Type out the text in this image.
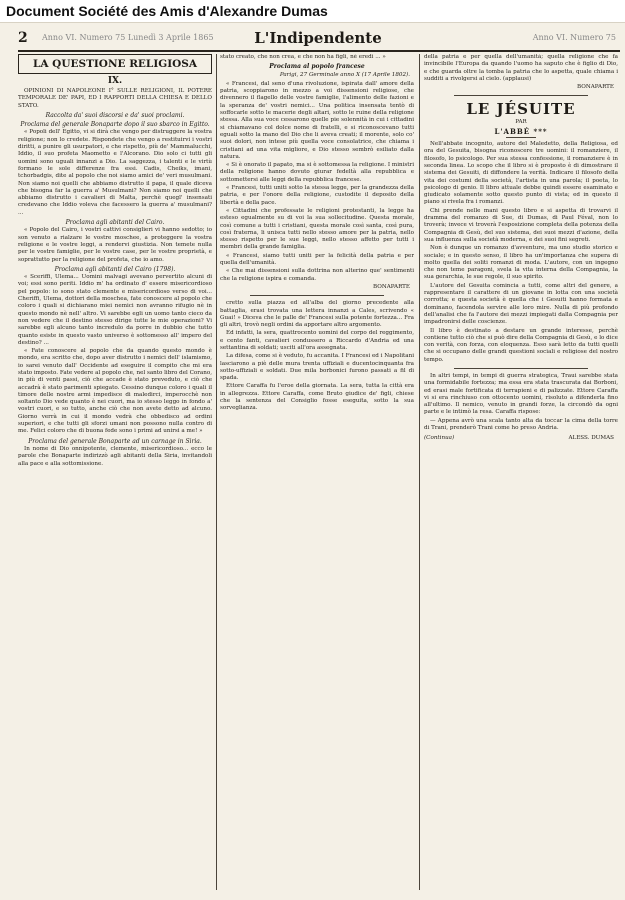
Document Société des Amis d'Alexandre Dumas
2 Anno VI. Numero 75 Lunedì 3 Aprile 1865	L'Indipendente	Anno VI. Numero 75
LA QUESTIONE RELIGIOSA
IX.

OPINIONI DI NAPOLEONE I° SULLE RELIGIONI, IL POTERE TEMPORALE DE' PAPI, ED I RAPPORTI DELLA CHIESA E DELLO STATO.

Raccolta da' suoi discorsi e da' suoi proclami.
Proclama del generale Bonaparte dopo il suo sbarco in Egitto.

« Popoli dell' Egitto, vi si dirà che vengo per distruggere la vostra religione; non lo credete. Rispondete che vengo a restituirvi i vostri diritti, a punire gli usurpatori, e che rispetto, più de' Mammalucchi, Iddio, il suo profeta Maometto e l'Alcorano. Dio solo ci tutti gli uomini sono uguali innanzi a Dio. La saggezza, i talenti e le virtù formano le sole differenze fra essi. Cadis, Cheiks, imani, tchorbadgis, dite al popolo che noi siamo amici de' veri musulmani. Non siamo noi quelli che abbiamo distrutto il papa, il quale diceva che bisogna far la guerra a' Musulmani? Non siamo noi quelli che abbiamo distrutto i cavalieri di Malta, perchè quegl' insensati credevano che Iddio voleva che facessero la guerra a' musulmani? ...

Proclama agli abitanti del Cairo.

« Popolo del Cairo, i vostri cattivi consiglieri vi hanno sedotto; io son venuto a rialzare le vostre moschee, a proteggere la vostra religione e le vostre leggi, a rendervi giustizia. Non temete nulla per le vostre famiglie, per le vostre case, per le vostre proprietà, e soprattutto per la religione del profeta, che io amo.

Proclama agli abitanti del Cairo (1798).

« Sceriffi, Ulema... Uomini malvagi avevano pervertito alcuni di voi; essi sono periti. Iddio m' ha ordinato d' essere misericordioso pel popolo: io sono stato clemente e misericordioso verso di voi... Cheriffi, Ulema, dottori della moschea, fate conoscere al popolo che coloro i quali si dichiarano miei nemici non avranno rifugio nè in questo mondo nè nell' altro. Vi sarebbe egli un uomo tanto cieco da non vedere che il destino stesso dirige tutte le mie operazioni? Vi sarebbe egli alcuno tanto incredulo da porre in dubbio che tutto quanto esiste in questo vasto universo è sottomesso all' impero del destino? ...

« Fate conoscere al popolo che da quando questo mondo è mondo, era scritto che, dopo aver distrutto i nemici dell' islamismo, io sarei venuto dall' Occidente ad eseguire il compito che mi era stato imposto. Fate vedere al popolo che, nel santo libro del Corano, in più di venti passi, ciò che accade è stato preveduto, e ciò che accadrà è stato parimenti spiegato. Cessino dunque coloro i quali il timore delle nostre armi impedisce di maledirci, imperocchè non soltanto Dio vede quanto è nei cuori, ma io stesso leggo in fondo a' vostri cuori, e so tutto, anche ciò che non avete detto ad alcuno. Giorno verrà in cui il mondo vedrà che obbedisco ad ordini superiori, e che tutti gli sforzi umani non possono nulla contro di me. Felici coloro che di buona fede sono i primi ad unirsi a me! »

Proclama del generale Bonaparte ad un carnage in Siria.

In nome di Dio onnipotente, clemente, misericordioso... ecco le parole che Bonaparte indirizzò agli abitanti della Siria, invitandoli alla pace e alla sottomissione.

stato creato, che non crea, e che non ha figli, nè eredi ... »

Proclama al popolo francese
Parigi, 27 Germinale anno X (17 Aprile 1802).

« Francesi, dal seno d'una rivoluzione, ispirata dall' amore della patria, scoppiarono in mezzo a voi dissensioni religiose, che divennero il flagello delle vostre famiglie, l'alimento delle fazioni e la speranza de' vostri nemici... Una politica insensata tentò di soffocarle sotto le macerie degli altari, sotto le ruine della religione stessa. Alla sua voce cessarono quelle pie solennità in cui i cittadini si chiamavano col dolce nome di fratelli, e si riconoscevano tutti eguali sotto la mano del Dio che li aveva creati; il morente, solo co' suoi dolori, non intese più quella voce consolatrice, che chiama i cristiani ad una vita migliore, e Dio stesso sembrò esiliato dalla natura.

« Si è onorato il papato, ma si è sottomessa la religione. I ministri della religione hanno dovuto giurar fedeltà alla repubblica e sottomettersi alle leggi della repubblica francese.

« Francesi, tutti uniti sotto la stessa legge, per la grandezza della patria, e per l'onore della religione, custodite il deposito della libertà e della pace.

« Cittadini che professate le religioni protestanti, la legge ha esteso egualmente su di voi la sua sollecitudine. Questa morale, così comune a tutti i cristiani, questa morale così santa, così pura, così fraterna, li unisca tutti nello stesso amore per la patria, nello stesso rispetto per le sue leggi, nello stesso affetto per tutti i membri della grande famiglia.

« Francesi, siamo tutti uniti per la felicità della patria e per quella dell'umanità.

« Che mai dissensioni sulla dottrina non alterino que' sentimenti che la religione ispira e comanda.

BONAPARTE

cretto sulla piazza ed all'alba del giorno precedente alla battaglia, erasi trovata una lettera innanzi a Cales, scrivendo « Guai! » Diceva che le palle de' Francesi sulla potente fortezza... Fra gli altri, trovò negli ordini da apportare altro argomento.

Ed infatti, la sera, quattrocento uomini del corpo del reggimento, e cento fanti, cavalieri condussero a Riccardo d'Andria ed una settantina di soldati; usciti all'ora assegnata.

La difesa, come si è veduto, fu accanita. I Francesi ed i Napolitani lasciarono a piè delle mura trenta uffiziali e ducentocinquanta fra sotto-uffiziali e soldati. Due mila borbonici furono passati a fil di spada.

Ettore Caraffa fu l'eroe della giornata. La sera, tutta la città era in allegrezza. Ettore Caraffa, come Bruto giudice de' figli, chiese che la sentenza del Consiglio fosse eseguita, sotto la sua sorveglianza.

della patria e per quella dell'umanità; quella religione che fa invincibile l'Europa da quando l'uomo ha saputo che è figlio di Dio, e che guarda oltre la tomba la patria che lo aspetta, quale chiama i sudditi a rivolgersi al cielo. (applausi)

BONAPARTE
LE JÉSUITE
PAR
L'ABBÉ ***

Nell'abbate incognito, autore del Maledetto, della Religiosa, ed ora del Gesuita, bisogna riconoscere tre uomini: il romanziere, il filosofo, lo psicologo. Per sua stessa confessione, il romanziere è in seconda linea. Lo scopo che il libro si è proposto è di dimostrare il sistema dei Gesuiti, di diffondere la verità. Indicare il filosofo della vita dei costumi della società, l'artista in una parola; il poeta, lo psicologo di genio. Il libro attuale debbe quindi essere esaminato e giudicato solamente sotto questo punto di vista; ed in questo il piano si rivela fra i romanzi.

Chi prende nelle mani questo libro e si aspetta di trovarvi il dramma del romanzo di Sue, di Dumas, di Paul Féval, non lo troverà; invece vi troverà l'esposizione completa della potenza della Compagnia di Gesù, del suo sistema, dei suoi mezzi d'azione, della sua influenza sulla società moderna, e dei suoi fini segreti.

Non è dunque un romanzo d'avventure, ma uno studio storico e sociale; e in questo senso, il libro ha un'importanza che supera di molto quella dei soliti romanzi di moda. L'autore, con un ingegno che non teme paragoni, svela la vita interna della Compagnia, la sua gerarchia, le sue regole, il suo spirito.

L'autore del Gesuita comincia a tutti, come altri del genere, a rappresentare il carattere di un giovane in lotta con una società corrotta; e questa società è quella che i Gesuiti hanno formata e dominano, facendola servire alle loro mire. Nulla di più profondo dell'analisi che fa l'autore dei mezzi impiegati dalla Compagnia per impadronirsi delle coscienze.

Il libro è destinato a destare un grande interesse, perchè contiene tutto ciò che si può dire della Compagnia di Gesù, e lo dice con verità, con forza, con eloquenza. Esso sarà letto da tutti quelli che si occupano delle grandi questioni sociali e religiose del nostro tempo.

In altri tempi, in tempi di guerra strategica, Traui sarebbe stata una formidabile fortezza; ma essa era stata trascurata dai Borboni, ed erasi male fortificata di terrapieni e di palizzate. Ettore Caraffa vi si era rinchiuso con ottocento uomini, risoluto a difenderla fino all'ultimo. Il nemico, venuto in grandi forze, la circondò da ogni parte e le intimò la resa. Caraffa rispose:

— Appena avrò una scala tanto alta da toccar la cima della torre di Trani, prenderò Trani come ho preso Andria.

(Continua)	ALESS. DUMAS
